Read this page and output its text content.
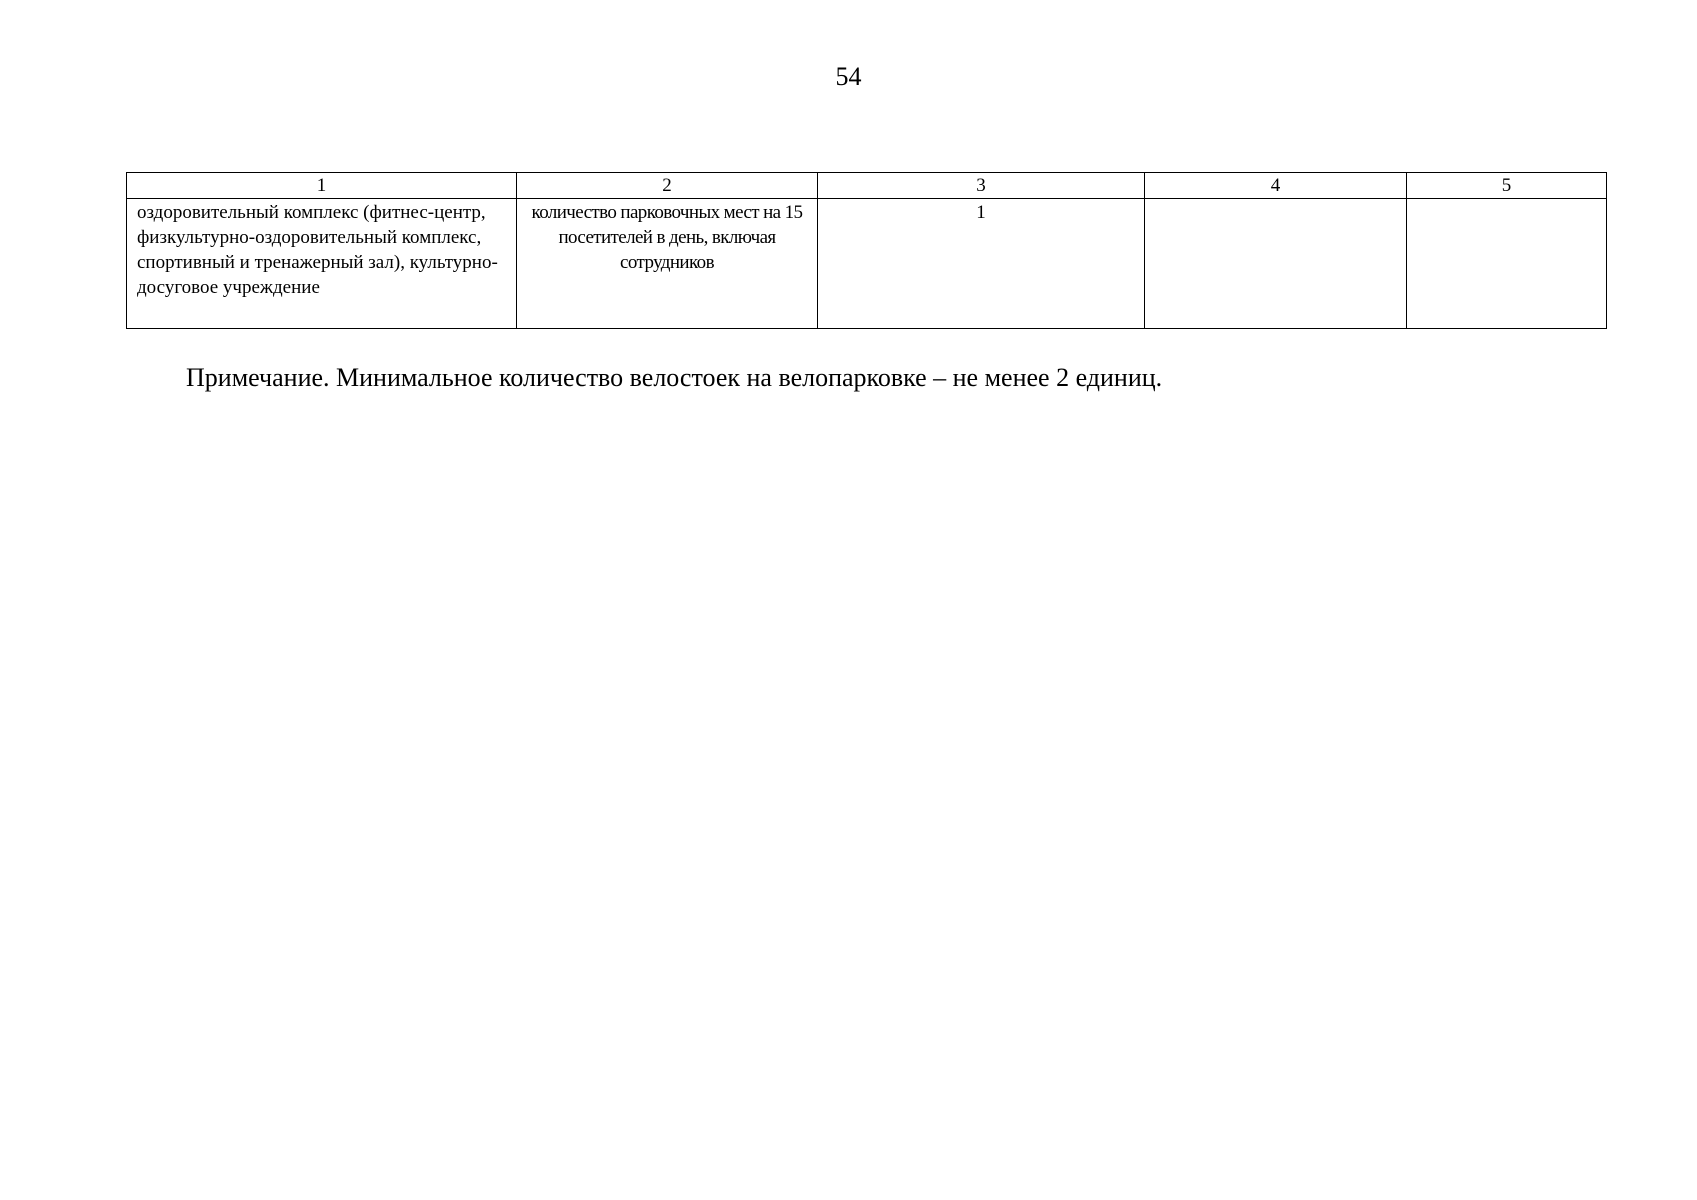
54
1	2	3	4	5
оздоровительный комплекс (фитнес-центр, физкультурно-оздоровительный комплекс, спортивный и тренажерный зал), культурно-досуговое учреждение	количество парковочных мест на 15 посетителей в день, включая сотрудников	1		
Примечание. Минимальное количество велостоек на велопарковке – не менее 2 единиц.
